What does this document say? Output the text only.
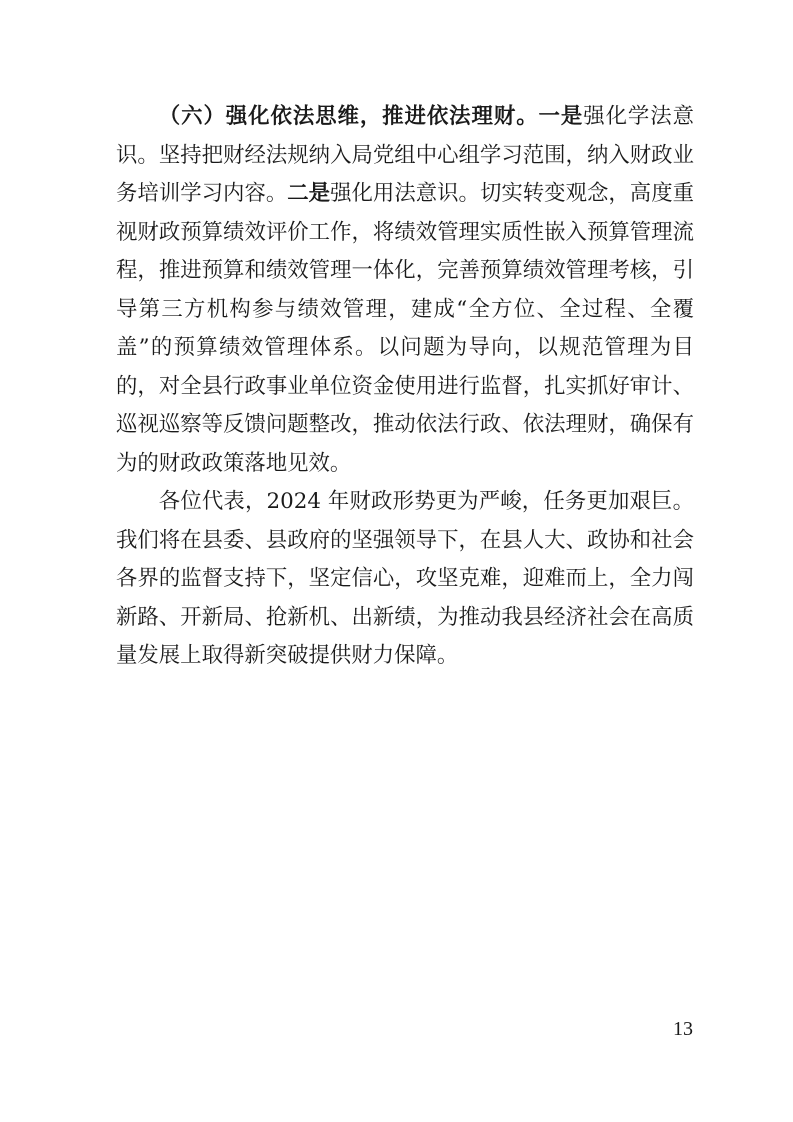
（六）强化依法思维，推进依法理财。一是强化学法意识。坚持把财经法规纳入局党组中心组学习范围，纳入财政业务培训学习内容。二是强化用法意识。切实转变观念，高度重视财政预算绩效评价工作，将绩效管理实质性嵌入预算管理流程，推进预算和绩效管理一体化，完善预算绩效管理考核，引导第三方机构参与绩效管理，建成“全方位、全过程、全覆盖”的预算绩效管理体系。以问题为导向，以规范管理为目的，对全县行政事业单位资金使用进行监督，扎实抓好审计、巡视巡察等反馈问题整改，推动依法行政、依法理财，确保有为的财政政策落地见效。

各位代表，2024 年财政形势更为严峻，任务更加艰巨。我们将在县委、县政府的坚强领导下，在县人大、政协和社会各界的监督支持下，坚定信心，攻坚克难，迎难而上，全力闯新路、开新局、抢新机、出新绩，为推动我县经济社会在高质量发展上取得新突破提供财力保障。

13
